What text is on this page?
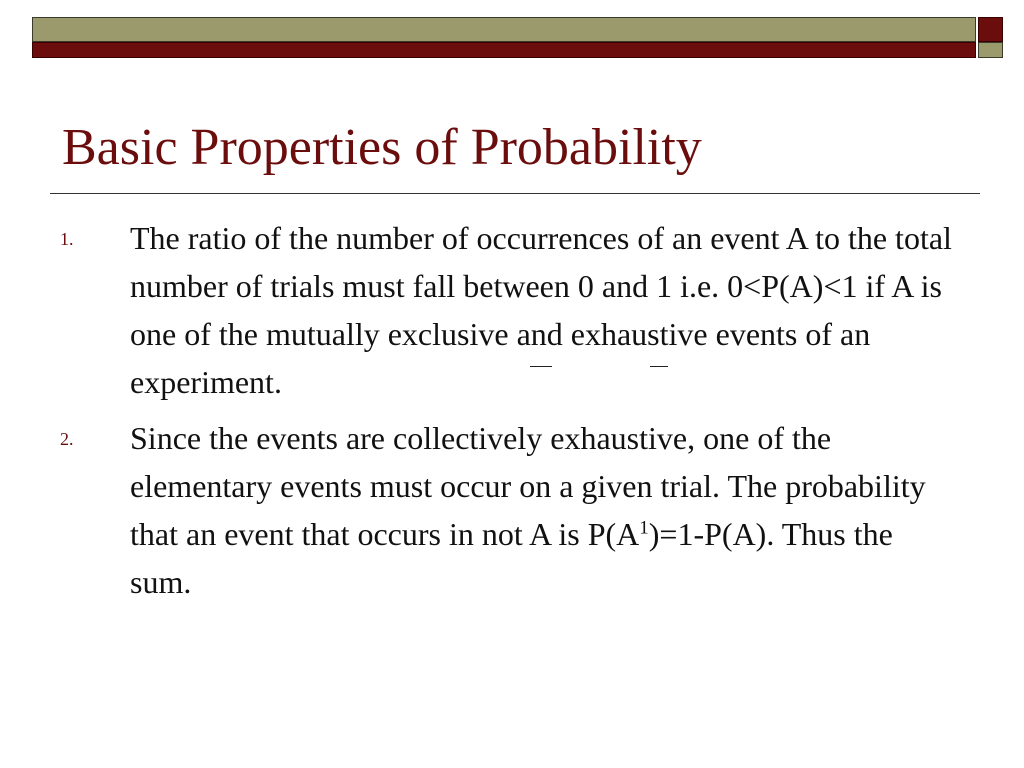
Basic Properties of Probability
1. The ratio of the number of occurrences of an event A to the total number of trials must fall between 0 and 1 i.e. 0<P(A)<1 if A is one of the mutually exclusive and exhaustive events of an experiment.
2. Since the events are collectively exhaustive, one of the elementary events must occur on a given trial. The probability that an event that occurs in not A is $P(A^1)=1-P(A)$. Thus the sum.
